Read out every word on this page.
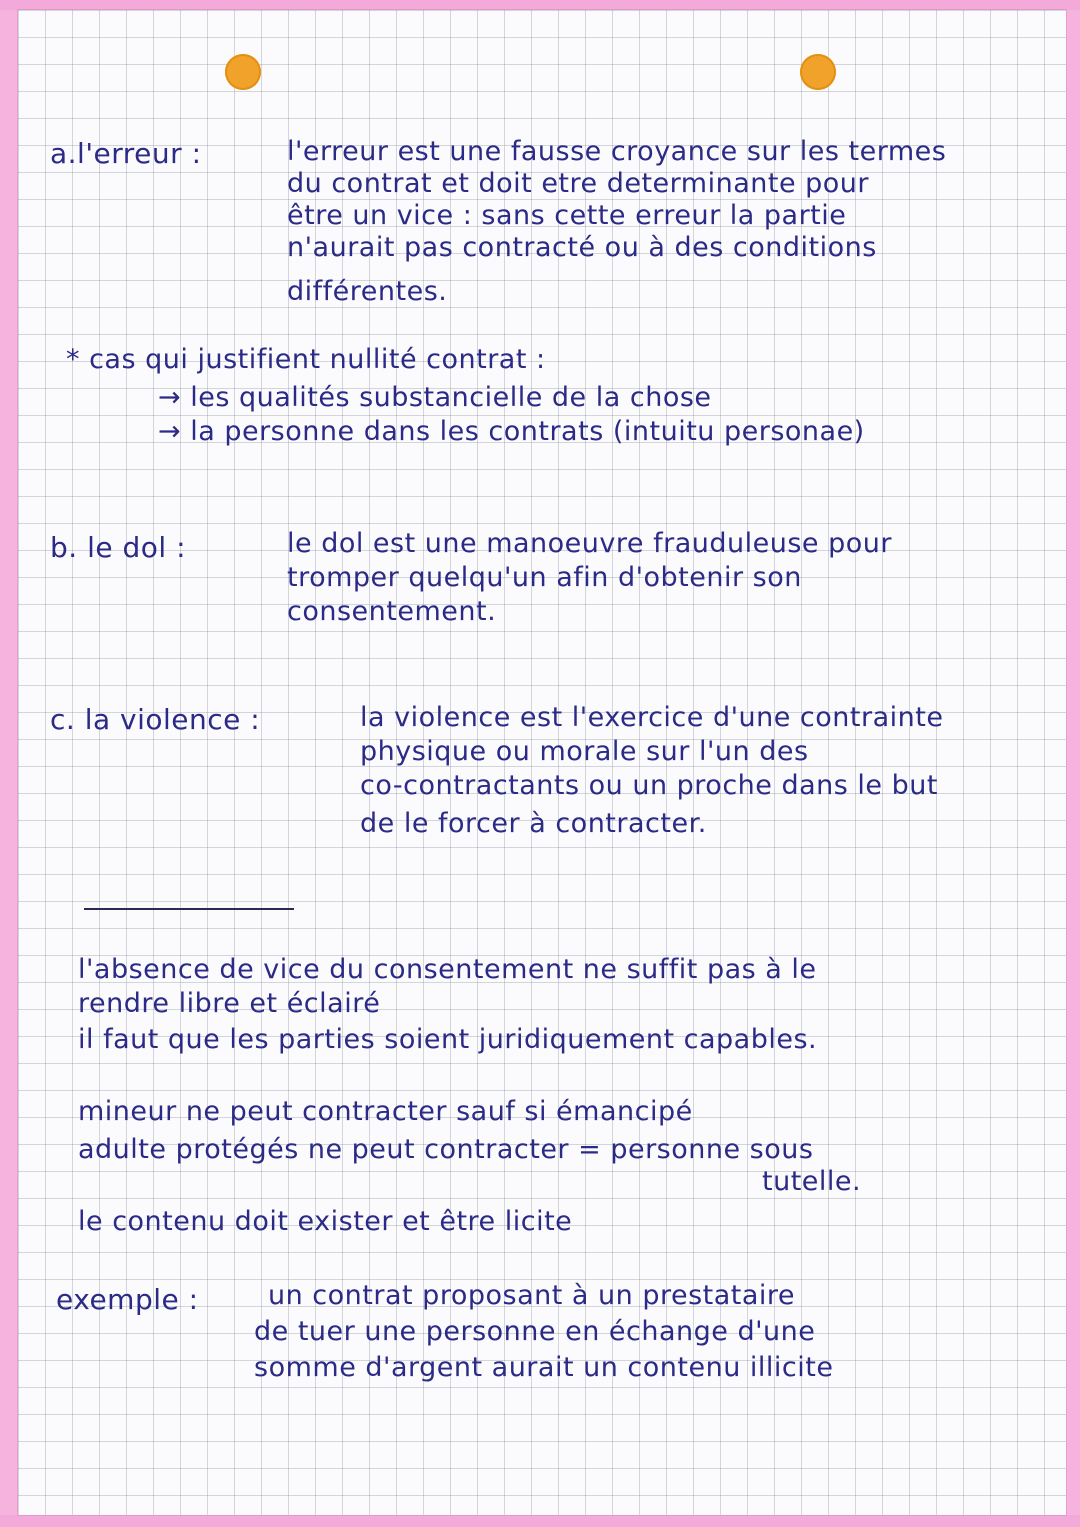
a.l'erreur :	l'erreur est une fausse croyance sur les termes
du contrat et doit etre determinante pour
être un vice : sans cette erreur la partie
n'aurait pas contracté ou à des conditions
différentes.
* cas qui justifient nullité contrat :
→ les qualités substancielle de la chose
→ la personne dans les contrats (intuitu personae)
b. le dol :	le dol est une manoeuvre frauduleuse pour
tromper quelqu'un afin d'obtenir son
consentement.
c. la violence :	la violence est l'exercice d'une contrainte
physique ou morale sur l'un des
co-contractants ou un proche dans le but
de le forcer à contracter.
l'absence de vice du consentement ne suffit pas à le
rendre libre et éclairé
il faut que les parties soient juridiquement capables.
mineur ne peut contracter sauf si émancipé
adulte protégés ne peut contracter = personne sous
tutelle.
le contenu doit exister et être licite
exemple :	un contrat proposant à un prestataire
de tuer une personne en échange d'une
somme d'argent aurait un contenu illicite
